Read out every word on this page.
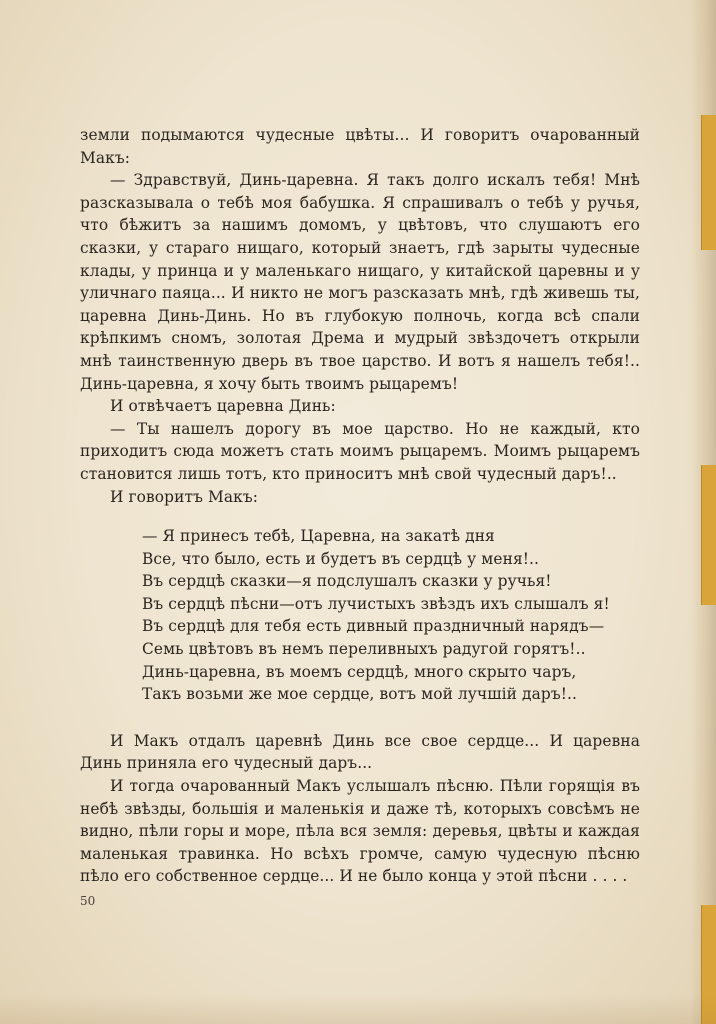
земли подымаются чудесные цвѣты... И говоритъ очарованный Макъ:

— Здравствуй, Динь-царевна. Я такъ долго искалъ тебя! Мнѣ разсказывала о тебѣ моя бабушка. Я спрашивалъ о тебѣ у ручья, что бѣжитъ за нашимъ домомъ, у цвѣтовъ, что слушаютъ его сказки, у стараго нищаго, который знаетъ, гдѣ зарыты чудесные клады, у принца и у маленькаго нищаго, у китайской царевны и у уличнаго паяца... И никто не могъ разсказать мнѣ, гдѣ живешь ты, царевна Динь-Динь. Но въ глубокую полночь, когда всѣ спали крѣпкимъ сномъ, золотая Дрема и мудрый звѣздочетъ открыли мнѣ таинственную дверь въ твое царство. И вотъ я нашелъ тебя!.. Динь-царевна, я хочу быть твоимъ рыцаремъ!

И отвѣчаетъ царевна Динь:

— Ты нашелъ дорогу въ мое царство. Но не каждый, кто приходитъ сюда можетъ стать моимъ рыцаремъ. Моимъ рыцаремъ становится лишь тотъ, кто приноситъ мнѣ свой чудесный даръ!..

И говоритъ Макъ:

— Я принесъ тебѣ, Царевна, на закатѣ дня
Все, что было, есть и будетъ въ сердцѣ у меня!..
Въ сердцѣ сказки—я подслушалъ сказки у ручья!
Въ сердцѣ пѣсни—отъ лучистыхъ звѣздъ ихъ слышалъ я!
Въ сердцѣ для тебя есть дивный праздничный нарядъ—
Семь цвѣтовъ въ немъ переливныхъ радугой горятъ!..
Динь-царевна, въ моемъ сердцѣ, много скрыто чаръ,
Такъ возьми же мое сердце, вотъ мой лучшій даръ!..

И Макъ отдалъ царевнѣ Динь все свое сердце... И царевна Динь приняла его чудесный даръ...

И тогда очарованный Макъ услышалъ пѣсню. Пѣли горящія въ небѣ звѣзды, большія и маленькія и даже тѣ, которыхъ совсѣмъ не видно, пѣли горы и море, пѣла вся земля: деревья, цвѣты и каждая маленькая травинка. Но всѣхъ громче, самую чудесную пѣсню пѣло его собственное сердце... И не было конца у этой пѣсни . . . .

50
